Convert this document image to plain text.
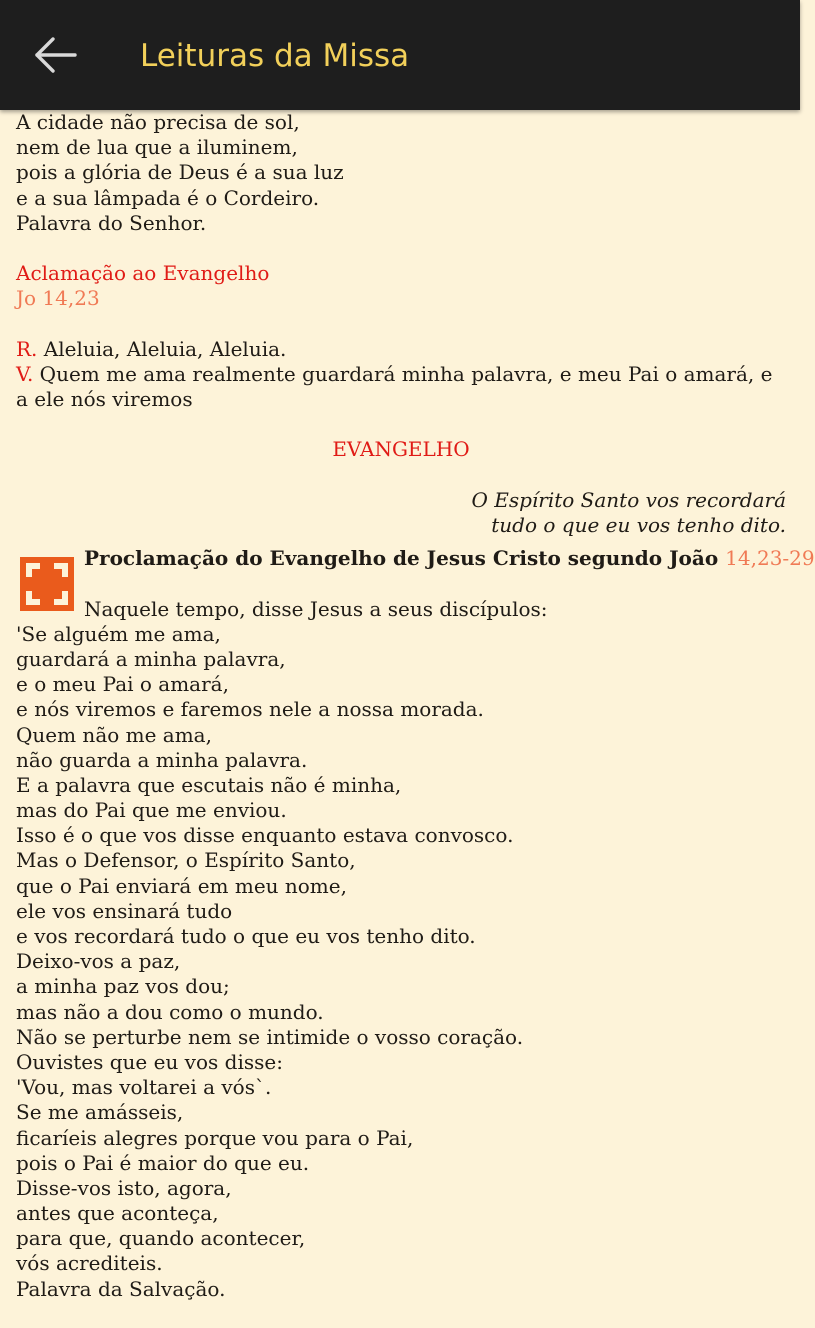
Leituras da Missa
A cidade não precisa de sol,
nem de lua que a iluminem,
pois a glória de Deus é a sua luz
e a sua lâmpada é o Cordeiro.
Palavra do Senhor.
Aclamação ao Evangelho
Jo 14,23
R. Aleluia, Aleluia, Aleluia.
V. Quem me ama realmente guardará minha palavra, e meu Pai o amará, e a ele nós viremos
EVANGELHO
O Espírito Santo vos recordará
tudo o que eu vos tenho dito.
Proclamação do Evangelho de Jesus Cristo segundo João 14,23-29
Naquele tempo, disse Jesus a seus discípulos:
'Se alguém me ama,
guardará a minha palavra,
e o meu Pai o amará,
e nós viremos e faremos nele a nossa morada.
Quem não me ama,
não guarda a minha palavra.
E a palavra que escutais não é minha,
mas do Pai que me enviou.
Isso é o que vos disse enquanto estava convosco.
Mas o Defensor, o Espírito Santo,
que o Pai enviará em meu nome,
ele vos ensinará tudo
e vos recordará tudo o que eu vos tenho dito.
Deixo-vos a paz,
a minha paz vos dou;
mas não a dou como o mundo.
Não se perturbe nem se intimide o vosso coração.
Ouvistes que eu vos disse:
'Vou, mas voltarei a vós`.
Se me amásseis,
ficaríeis alegres porque vou para o Pai,
pois o Pai é maior do que eu.
Disse-vos isto, agora,
antes que aconteça,
para que, quando acontecer,
vós acrediteis.
Palavra da Salvação.
